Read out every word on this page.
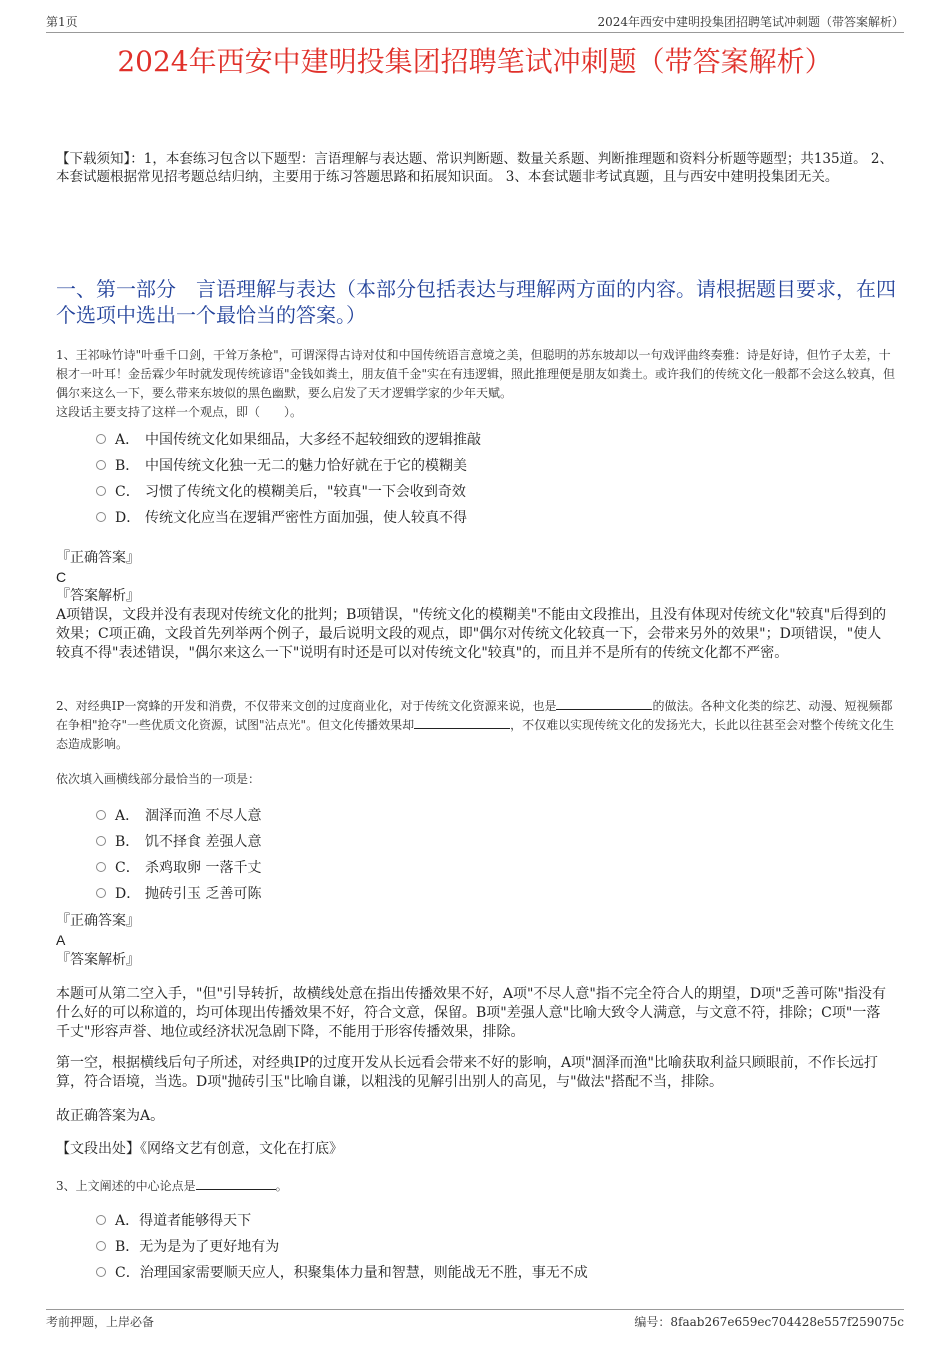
第1页	2024年西安中建明投集团招聘笔试冲刺题（带答案解析）
2024年西安中建明投集团招聘笔试冲刺题（带答案解析）
【下载须知】：1，本套练习包含以下题型：言语理解与表达题、常识判断题、数量关系题、判断推理题和资料分析题等题型；共135道。 2、本套试题根据常见招考题总结归纳，主要用于练习答题思路和拓展知识面。 3、本套试题非考试真题，且与西安中建明投集团无关。
一、第一部分　言语理解与表达（本部分包括表达与理解两方面的内容。请根据题目要求，在四个选项中选出一个最恰当的答案。）
1、王祁咏竹诗"叶垂千口剑，干耸万条枪"，可谓深得古诗对仗和中国传统语言意境之美，但聪明的苏东坡却以一句戏评曲终奏雅：诗是好诗，但竹子太差，十根才一叶耳！金岳霖少年时就发现传统谚语"金钱如粪土，朋友值千金"实在有违逻辑，照此推理便是朋友如粪土。或许我们的传统文化一般都不会这么较真，但偶尔来这么一下，要么带来东坡似的黑色幽默，要么启发了天才逻辑学家的少年天赋。
这段话主要支持了这样一个观点，即（　　）。
A． 中国传统文化如果细品，大多经不起较细致的逻辑推敲
B． 中国传统文化独一无二的魅力恰好就在于它的模糊美
C． 习惯了传统文化的模糊美后，"较真"一下会收到奇效
D． 传统文化应当在逻辑严密性方面加强，使人较真不得
『正确答案』
C
『答案解析』
A项错误，文段并没有表现对传统文化的批判；B项错误，"传统文化的模糊美"不能由文段推出，且没有体现对传统文化"较真"后得到的效果；C项正确，文段首先列举两个例子，最后说明文段的观点，即"偶尔对传统文化较真一下，会带来另外的效果"；D项错误，"使人较真不得"表述错误，"偶尔来这么一下"说明有时还是可以对传统文化"较真"的，而且并不是所有的传统文化都不严密。
2、对经典IP一窝蜂的开发和消费，不仅带来文创的过度商业化，对于传统文化资源来说，也是	的做法。各种文化类的综艺、动漫、短视频都在争相"抢夺"一些优质文化资源，试图"沾点光"。但文化传播效果却	，不仅难以实现传统文化的发扬光大，长此以往甚至会对整个传统文化生态造成影响。
依次填入画横线部分最恰当的一项是：
A． 涸泽而渔 不尽人意
B． 饥不择食 差强人意
C． 杀鸡取卵 一落千丈
D． 抛砖引玉 乏善可陈
『正确答案』
A
『答案解析』
本题可从第二空入手，"但"引导转折，故横线处意在指出传播效果不好，A项"不尽人意"指不完全符合人的期望，D项"乏善可陈"指没有什么好的可以称道的，均可体现出传播效果不好，符合文意，保留。B项"差强人意"比喻大致令人满意，与文意不符，排除；C项"一落千丈"形容声誉、地位或经济状况急剧下降，不能用于形容传播效果，排除。
第一空，根据横线后句子所述，对经典IP的过度开发从长远看会带来不好的影响，A项"涸泽而渔"比喻获取利益只顾眼前，不作长远打算，符合语境，当选。D项"抛砖引玉"比喻自谦，以粗浅的见解引出别人的高见，与"做法"搭配不当，排除。
故正确答案为A。
【文段出处】《网络文艺有创意，文化在打底》
3、上文阐述的中心论点是	。
A．得道者能够得天下
B．无为是为了更好地有为
C．治理国家需要顺天应人，积聚集体力量和智慧，则能战无不胜，事无不成
考前押题，上岸必备	编号：8faab267e659ec704428e557f259075c
